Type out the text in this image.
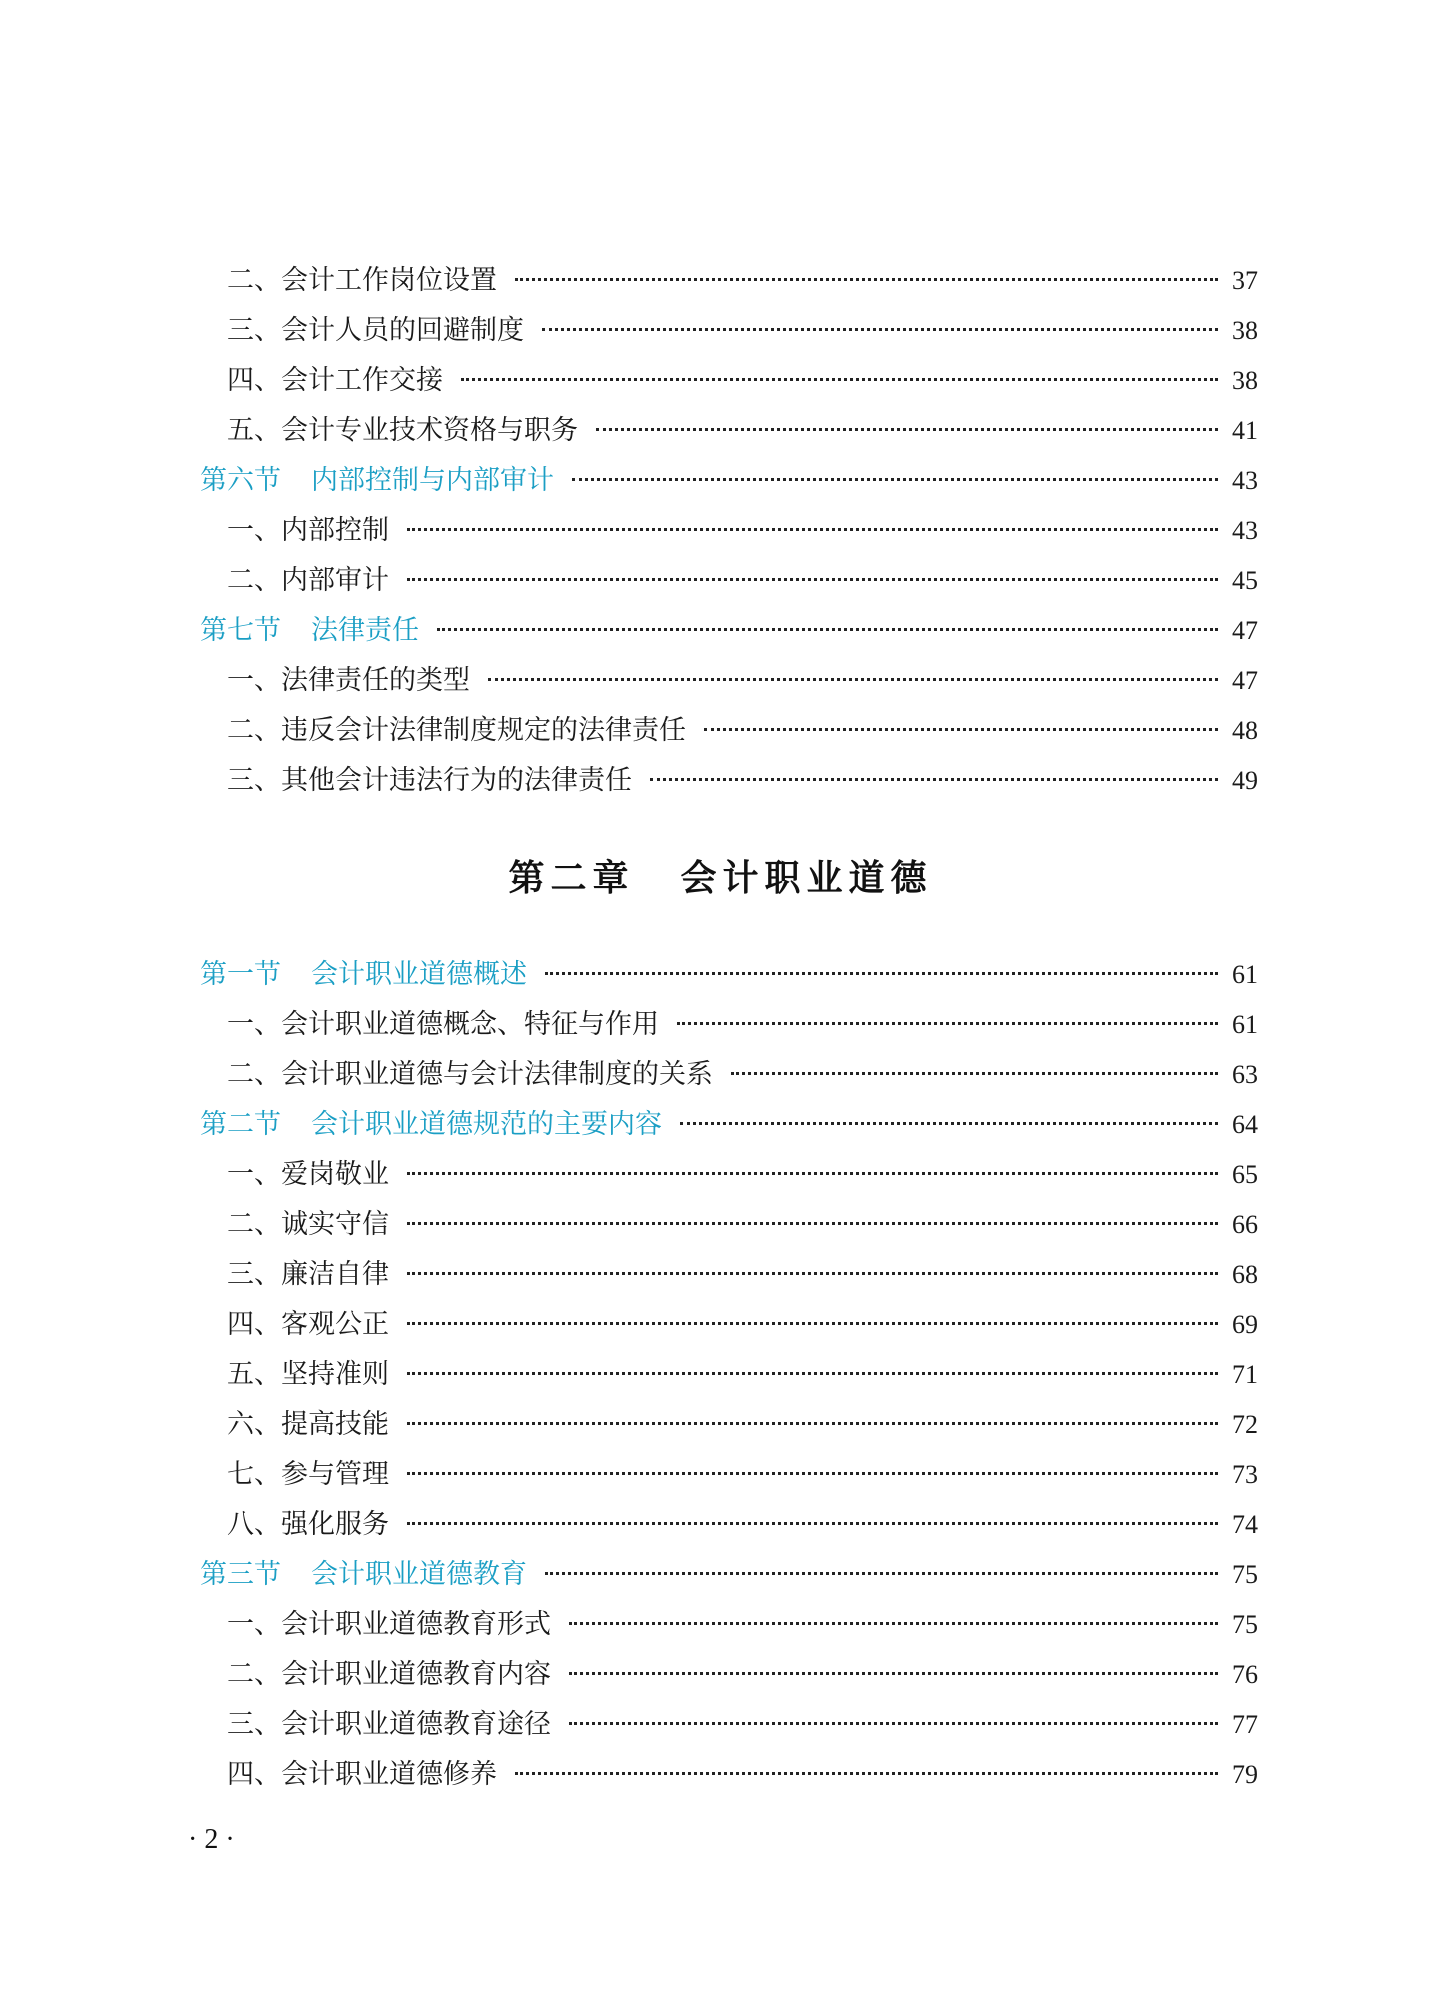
二、会计工作岗位设置	37
三、会计人员的回避制度	38
四、会计工作交接	38
五、会计专业技术资格与职务	41
第六节 内部控制与内部审计	43
一、内部控制	43
二、内部审计	45
第七节 法律责任	47
一、法律责任的类型	47
二、违反会计法律制度规定的法律责任	48
三、其他会计违法行为的法律责任	49
第二章 会计职业道德
第一节 会计职业道德概述	61
一、会计职业道德概念、特征与作用	61
二、会计职业道德与会计法律制度的关系	63
第二节 会计职业道德规范的主要内容	64
一、爱岗敬业	65
二、诚实守信	66
三、廉洁自律	68
四、客观公正	69
五、坚持准则	71
六、提高技能	72
七、参与管理	73
八、强化服务	74
第三节 会计职业道德教育	75
一、会计职业道德教育形式	75
二、会计职业道德教育内容	76
三、会计职业道德教育途径	77
四、会计职业道德修养	79
· 2 ·
